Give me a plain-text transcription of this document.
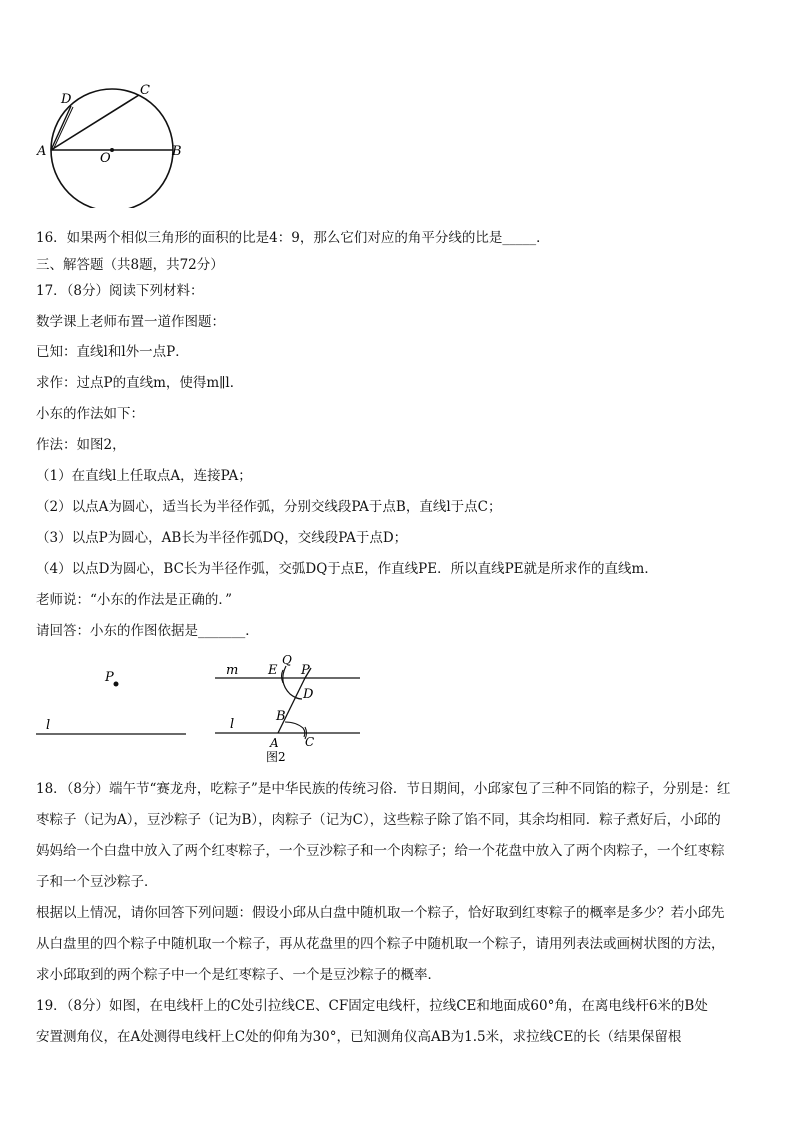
D
C
A	O	B
16．如果两个相似三角形的面积的比是4：9，那么它们对应的角平分线的比是_____．
三、解答题（共8题，共72分）
17．（8分）阅读下列材料：
数学课上老师布置一道作图题：
已知：直线l和l外一点P．
求作：过点P的直线m，使得m∥l．
小东的作法如下：
作法：如图2，
（1）在直线l上任取点A，连接PA；
（2）以点A为圆心，适当长为半径作弧，分别交线段PA于点B，直线l于点C；
（3）以点P为圆心，AB长为半径作弧DQ，交线段PA于点D；
（4）以点D为圆心，BC长为半径作弧，交弧DQ于点E，作直线PE．所以直线PE就是所求作的直线m．
老师说：“小东的作法是正确的．”
请回答：小东的作图依据是_______．
P
l
m E
Q
P
D
B
l
A C
图2
18．（8分）端午节“赛龙舟，吃粽子”是中华民族的传统习俗．节日期间，小邱家包了三种不同馅的粽子，分别是：红
枣粽子（记为A），豆沙粽子（记为B），肉粽子（记为C），这些粽子除了馅不同，其余均相同．粽子煮好后，小邱的
妈妈给一个白盘中放入了两个红枣粽子，一个豆沙粽子和一个肉粽子；给一个花盘中放入了两个肉粽子，一个红枣粽
子和一个豆沙粽子．
根据以上情况，请你回答下列问题：假设小邱从白盘中随机取一个粽子，恰好取到红枣粽子的概率是多少？若小邱先
从白盘里的四个粽子中随机取一个粽子，再从花盘里的四个粽子中随机取一个粽子，请用列表法或画树状图的方法，
求小邱取到的两个粽子中一个是红枣粽子、一个是豆沙粽子的概率．
19．（8分）如图，在电线杆上的C处引拉线CE、CF固定电线杆，拉线CE和地面成60°角，在离电线杆6米的B处
安置测角仪，在A处测得电线杆上C处的仰角为30°，已知测角仪高AB为1.5米，求拉线CE的长（结果保留根
